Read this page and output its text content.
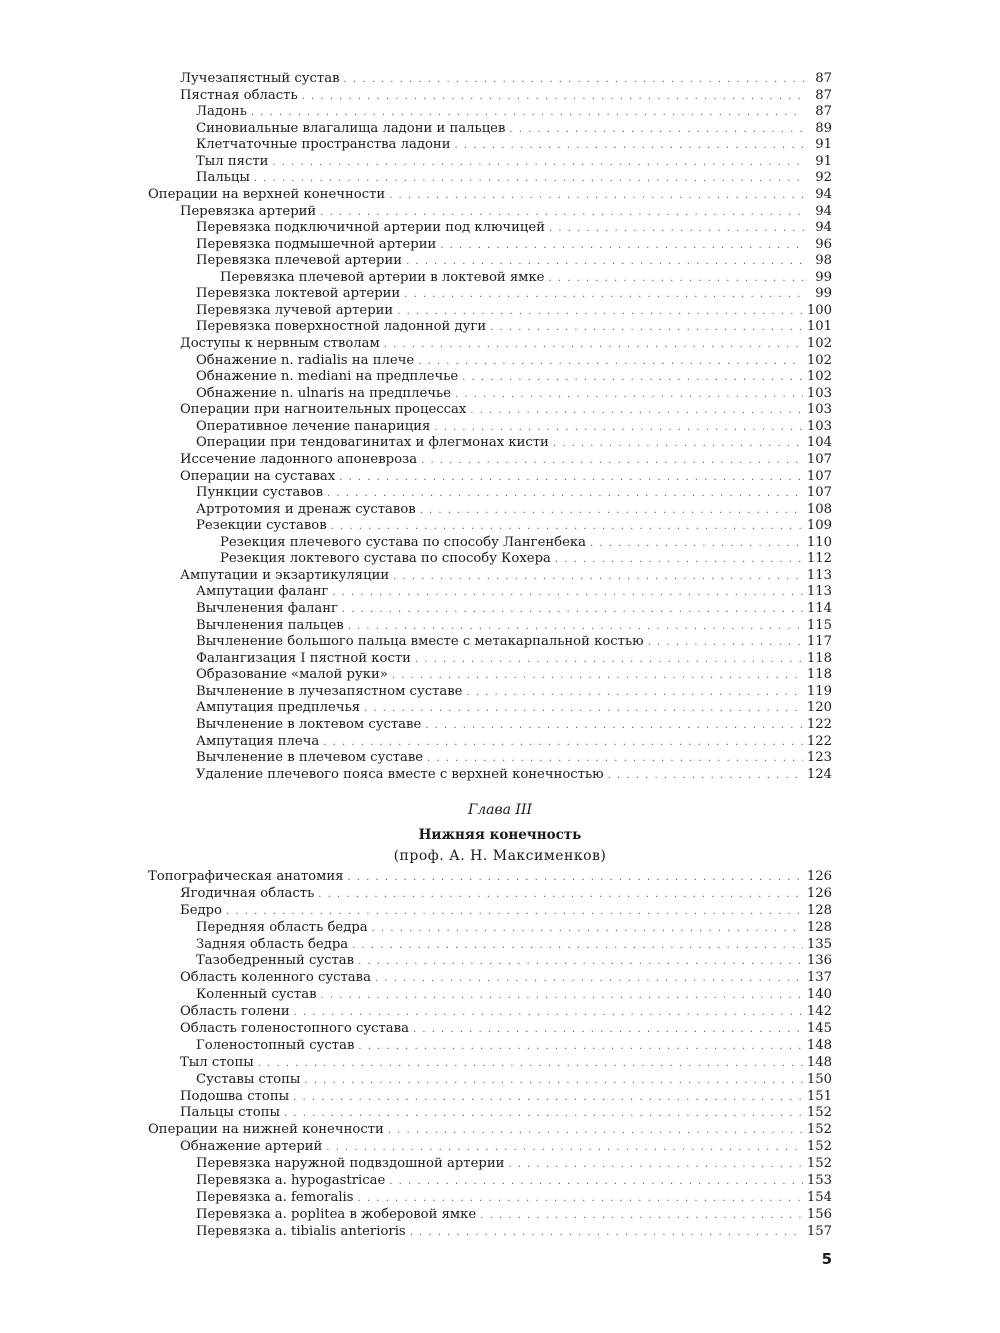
Лучезапястный сустав . . .	87
Пястная область . . .	87
Ладонь . . .	87
Синовиальные влагалища ладони и пальцев . . .	89
Клетчаточные пространства ладони . . .	91
Тыл пясти . . .	91
Пальцы . . .	92
Операции на верхней конечности . . .	94
Перевязка артерий . . .	94
Перевязка подключичной артерии под ключицей . . .	94
Перевязка подмышечной артерии . . .	96
Перевязка плечевой артерии . . .	98
Перевязка плечевой артерии в локтевой ямке . . .	99
Перевязка локтевой артерии . . .	99
Перевязка лучевой артерии . . .	100
Перевязка поверхностной ладонной дуги . . .	101
Доступы к нервным стволам . . .	102
Обнажение n. radialis на плече . . .	102
Обнажение n. mediani на предплечье . . .	102
Обнажение n. ulnaris на предплечье . . .	103
Операции при нагноительных процессах . . .	103
Оперативное лечение панариция . . .	103
Операции при тендовагинитах и флегмонах кисти . . .	104
Иссечение ладонного апоневроза . . .	107
Операции на суставах . . .	107
Пункции суставов . . .	107
Артротомия и дренаж суставов . . .	108
Резекции суставов . . .	109
Резекция плечевого сустава по способу Лангенбека . . .	110
Резекция локтевого сустава по способу Кохера . . .	112
Ампутации и экзартикуляции . . .	113
Ампутации фаланг . . .	113
Вычленения фаланг . . .	114
Вычленения пальцев . . .	115
Вычленение большого пальца вместе с метакарпальной костью . . .	117
Фалангизация I пястной кости . . .	118
Образование «малой руки» . . .	118
Вычленение в лучезапястном суставе . . .	119
Ампутация предплечья . . .	120
Вычленение в локтевом суставе . . .	122
Ампутация плеча . . .	122
Вычленение в плечевом суставе . . .	123
Удаление плечевого пояса вместе с верхней конечностью . . .	124
Глава III
Нижняя конечность
(проф. А. Н. Максименков)
Топографическая анатомия . . .	126
Ягодичная область . . .	126
Бедро . . .	128
Передняя область бедра . . .	128
Задняя область бедра . . .	135
Тазобедренный сустав . . .	136
Область коленного сустава . . .	137
Коленный сустав . . .	140
Область голени . . .	142
Область голеностопного сустава . . .	145
Голеностопный сустав . . .	148
Тыл стопы . . .	148
Суставы стопы . . .	150
Подошва стопы . . .	151
Пальцы стопы . . .	152
Операции на нижней конечности . . .	152
Обнажение артерий . . .	152
Перевязка наружной подвздошной артерии . . .	152
Перевязка a. hypogastricae . . .	153
Перевязка a. femoralis . . .	154
Перевязка a. poplitea в жоберовой ямке . . .	156
Перевязка a. tibialis anterioris . . .	157
5
